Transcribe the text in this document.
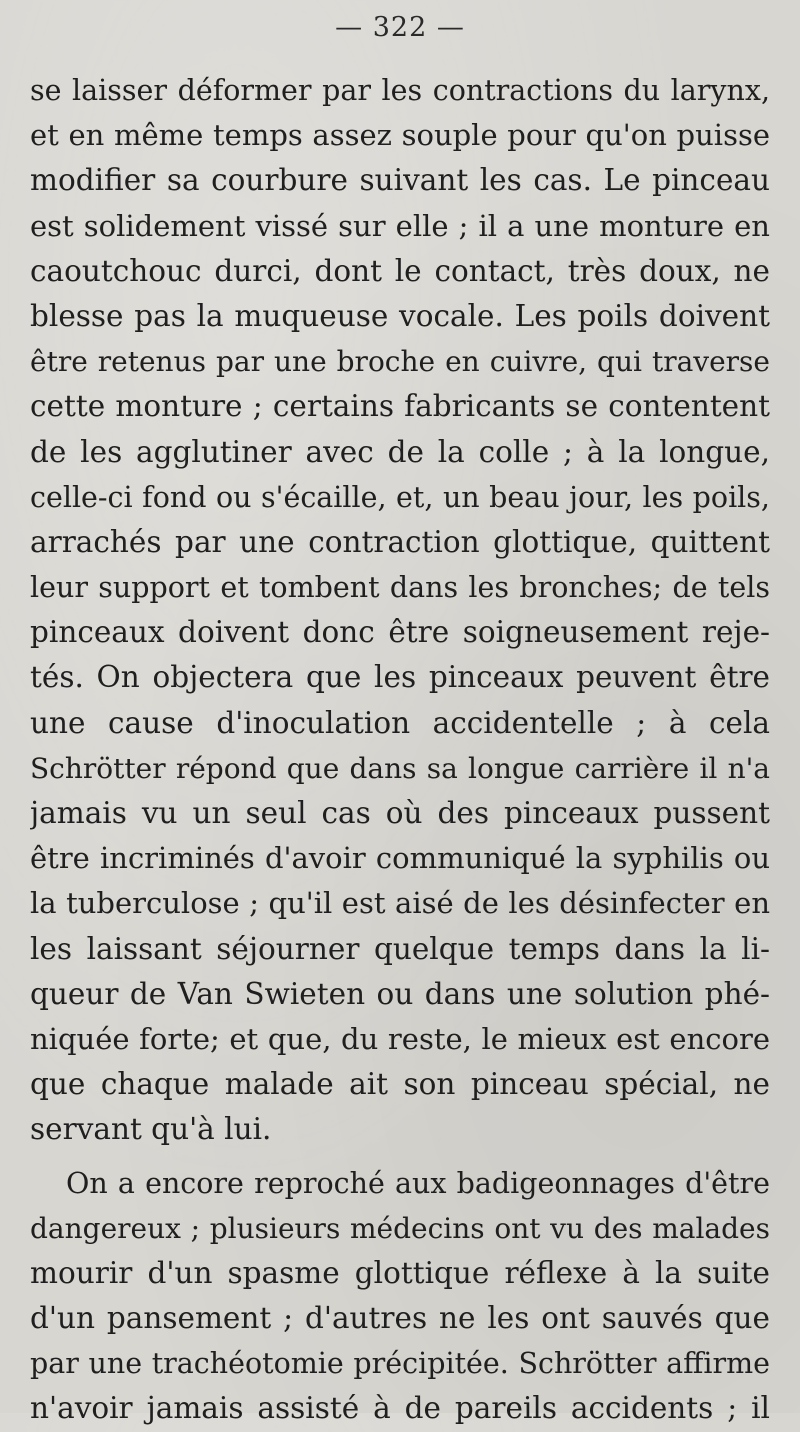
— 322 —
se laisser déformer par les contractions du larynx,
et en même temps assez souple pour qu'on puisse
modifier sa courbure suivant les cas. Le pinceau
est solidement vissé sur elle ; il a une monture en
caoutchouc durci, dont le contact, très doux, ne
blesse pas la muqueuse vocale. Les poils doivent
être retenus par une broche en cuivre, qui traverse
cette monture ; certains fabricants se contentent
de les agglutiner avec de la colle ; à la longue,
celle-ci fond ou s'écaille, et, un beau jour, les poils,
arrachés par une contraction glottique, quittent
leur support et tombent dans les bronches; de tels
pinceaux doivent donc être soigneusement reje-
tés. On objectera que les pinceaux peuvent être
une cause d'inoculation accidentelle ; à cela
Schrötter répond que dans sa longue carrière il n'a
jamais vu un seul cas où des pinceaux pussent
être incriminés d'avoir communiqué la syphilis ou
la tuberculose ; qu'il est aisé de les désinfecter en
les laissant séjourner quelque temps dans la li-
queur de Van Swieten ou dans une solution phé-
niquée forte; et que, du reste, le mieux est encore
que chaque malade ait son pinceau spécial, ne
servant qu'à lui.
On a encore reproché aux badigeonnages d'être
dangereux ; plusieurs médecins ont vu des malades
mourir d'un spasme glottique réflexe à la suite
d'un pansement ; d'autres ne les ont sauvés que
par une trachéotomie précipitée. Schrötter affirme
n'avoir jamais assisté à de pareils accidents ; il
